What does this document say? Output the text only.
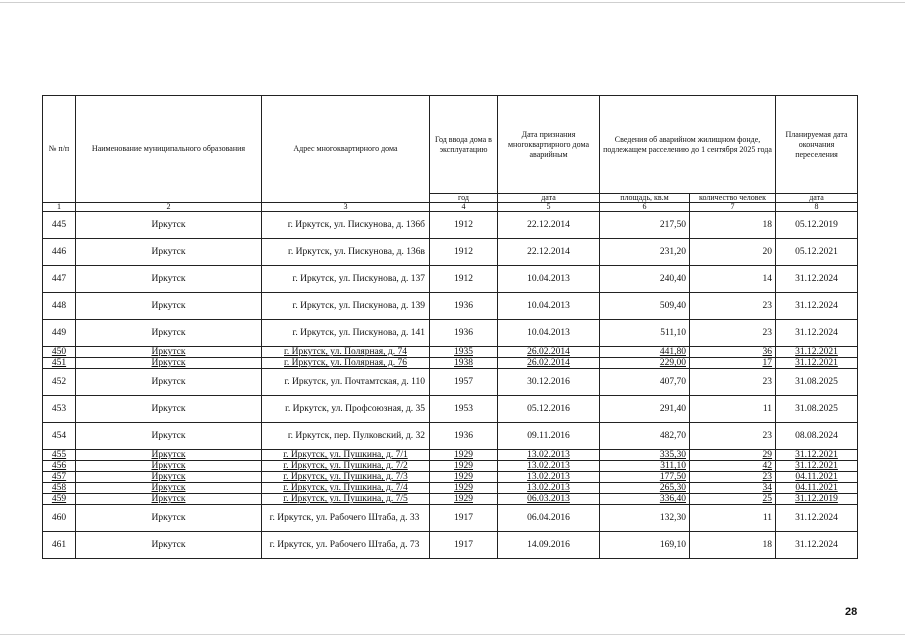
№ п/п	Наименование муниципального образования	Адрес многоквартирного дома	Год ввода дома в эксплуатацию	Дата признания многоквартирного дома аварийным	Сведения об аварийном жилищном фонде, подлежащем расселению до 1 сентября 2025 года		Планируемая дата окончания переселения
			год	дата	площадь, кв.м	количество человек	дата
1	2	3	4	5	6	7	8
445	Иркутск	г. Иркутск, ул. Пискунова, д. 136б	1912	22.12.2014	217,50	18	05.12.2019
446	Иркутск	г. Иркутск, ул. Пискунова, д. 136в	1912	22.12.2014	231,20	20	05.12.2021
447	Иркутск	г. Иркутск, ул. Пискунова, д. 137	1912	10.04.2013	240,40	14	31.12.2024
448	Иркутск	г. Иркутск, ул. Пискунова, д. 139	1936	10.04.2013	509,40	23	31.12.2024
449	Иркутск	г. Иркутск, ул. Пискунова, д. 141	1936	10.04.2013	511,10	23	31.12.2024
450	Иркутск	г. Иркутск, ул. Полярная, д. 74	1935	26.02.2014	441,80	36	31.12.2021
451	Иркутск	г. Иркутск, ул. Полярная, д. 76	1938	26.02.2014	229,00	17	31.12.2021
452	Иркутск	г. Иркутск, ул. Почтамтская, д. 110	1957	30.12.2016	407,70	23	31.08.2025
453	Иркутск	г. Иркутск, ул. Профсоюзная, д. 35	1953	05.12.2016	291,40	11	31.08.2025
454	Иркутск	г. Иркутск, пер. Пулковский, д. 32	1936	09.11.2016	482,70	23	08.08.2024
455	Иркутск	г. Иркутск, ул. Пушкина, д. 7/1	1929	13.02.2013	335,30	29	31.12.2021
456	Иркутск	г. Иркутск, ул. Пушкина, д. 7/2	1929	13.02.2013	311,10	42	31.12.2021
457	Иркутск	г. Иркутск, ул. Пушкина, д. 7/3	1929	13.02.2013	177,50	23	04.11.2021
458	Иркутск	г. Иркутск, ул. Пушкина, д. 7/4	1929	13.02.2013	265,30	34	04.11.2021
459	Иркутск	г. Иркутск, ул. Пушкина, д. 7/5	1929	06.03.2013	336,40	25	31.12.2019
460	Иркутск	г. Иркутск, ул. Рабочего Штаба, д. 33	1917	06.04.2016	132,30	11	31.12.2024
461	Иркутск	г. Иркутск, ул. Рабочего Штаба, д. 73	1917	14.09.2016	169,10	18	31.12.2024
28
